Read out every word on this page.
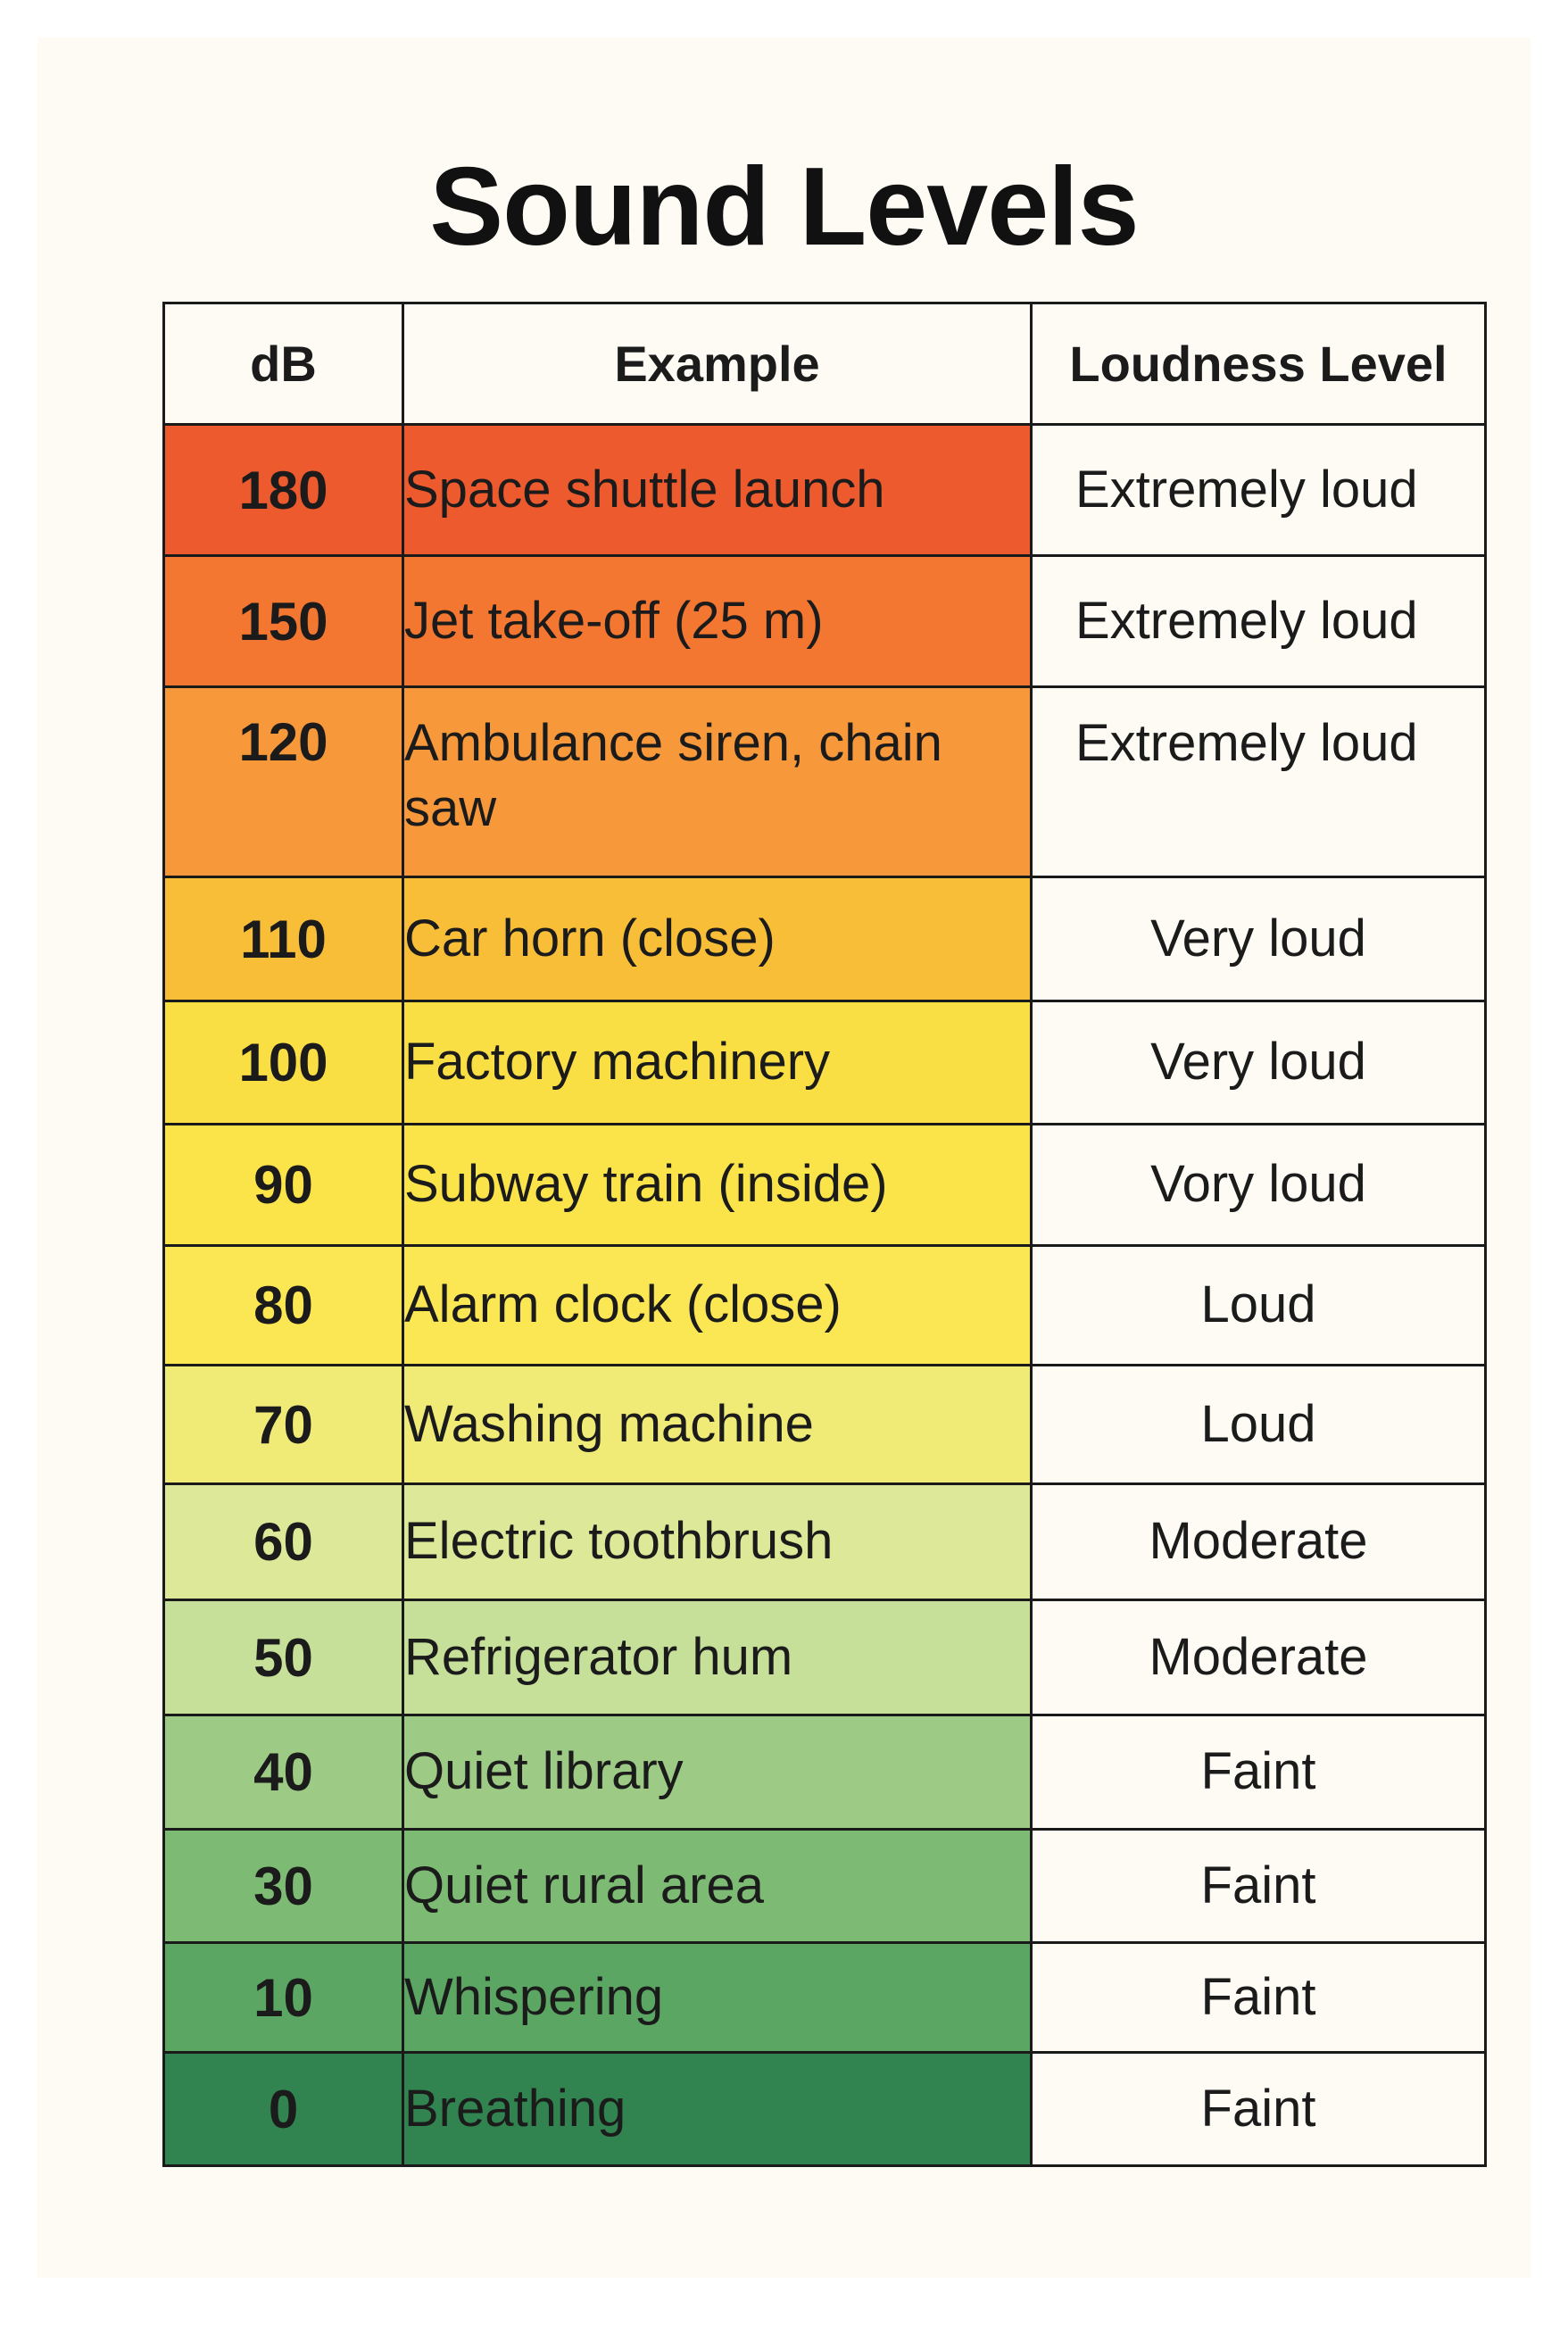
Sound Levels
dB	Example	Loudness Level
180	Space shuttle launch	Extremely loud
150	Jet take-off (25 m)	Extremely loud
120	Ambulance siren, chain saw	Extremely loud
110	Car horn (close)	Very loud
100	Factory machinery	Very loud
90	Subway train (inside)	Vory loud
80	Alarm clock (close)	Loud
70	Washing machine	Loud
60	Electric toothbrush	Moderate
50	Refrigerator hum	Moderate
40	Quiet library	Faint
30	Quiet rural area	Faint
10	Whispering	Faint
0	Breathing	Faint
